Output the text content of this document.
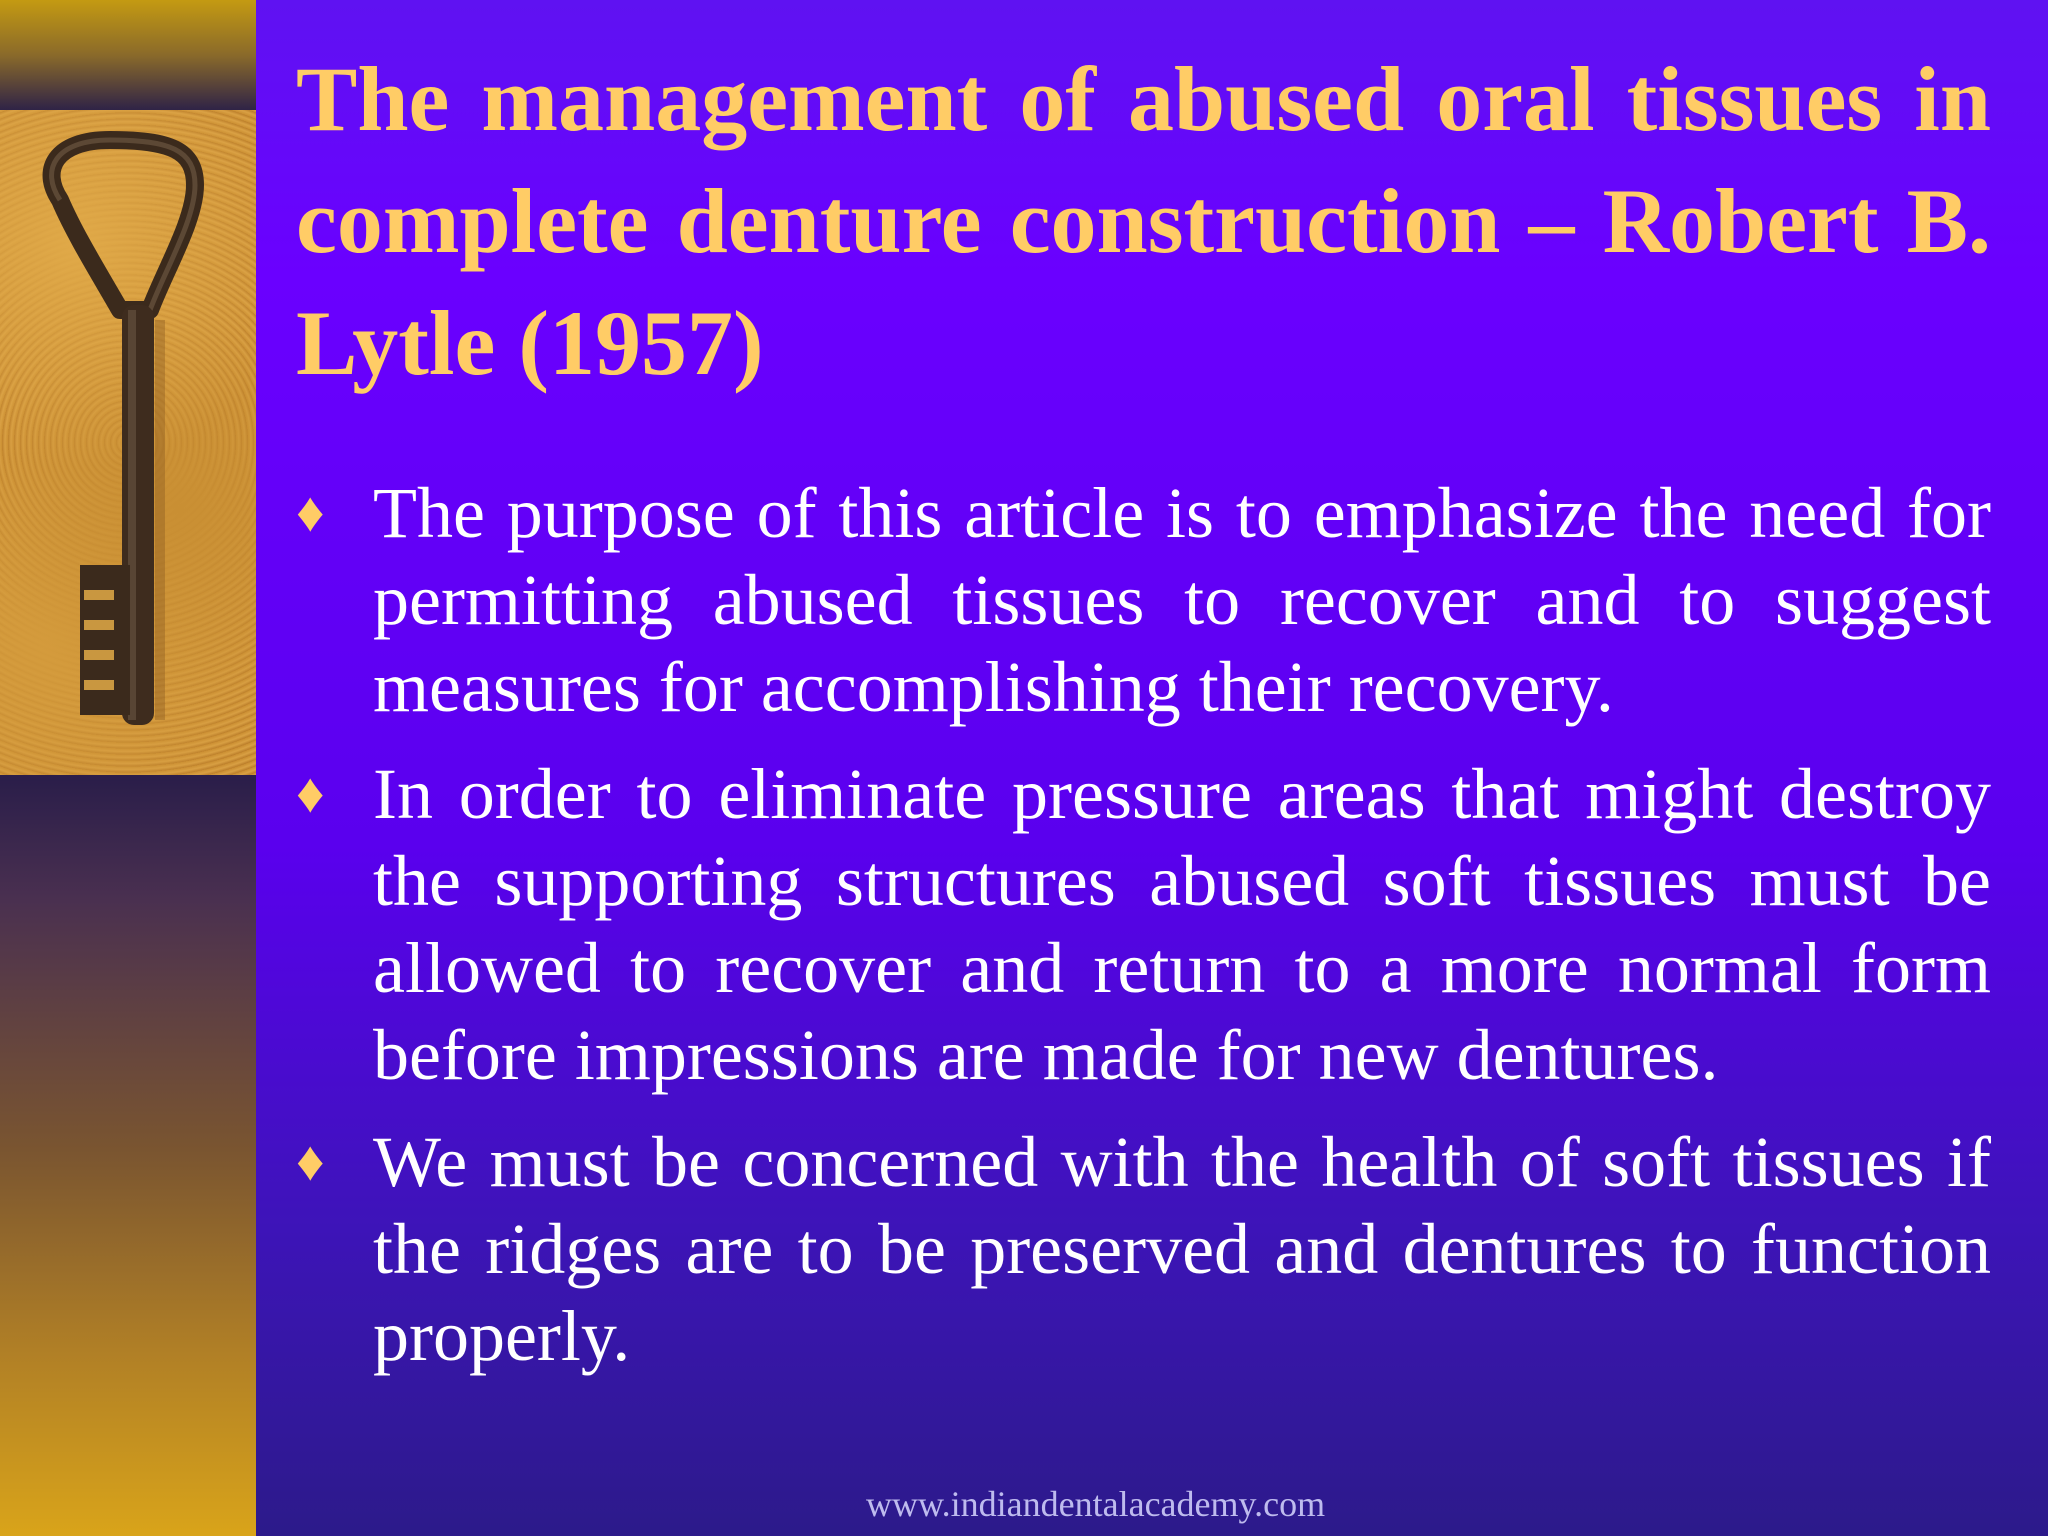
The management of abused oral tissues in complete denture construction – Robert B. Lytle (1957)
♦ The purpose of this article is to emphasize the need for permitting abused tissues to recover and to suggest measures for accomplishing their recovery.
♦ In order to eliminate pressure areas that might destroy the supporting structures abused soft tissues must be allowed to recover and return to a more normal form before impressions are made for new dentures.
♦ We must be concerned with the health of soft tissues if the ridges are to be preserved and dentures to function properly.
www.indiandentalacademy.com
